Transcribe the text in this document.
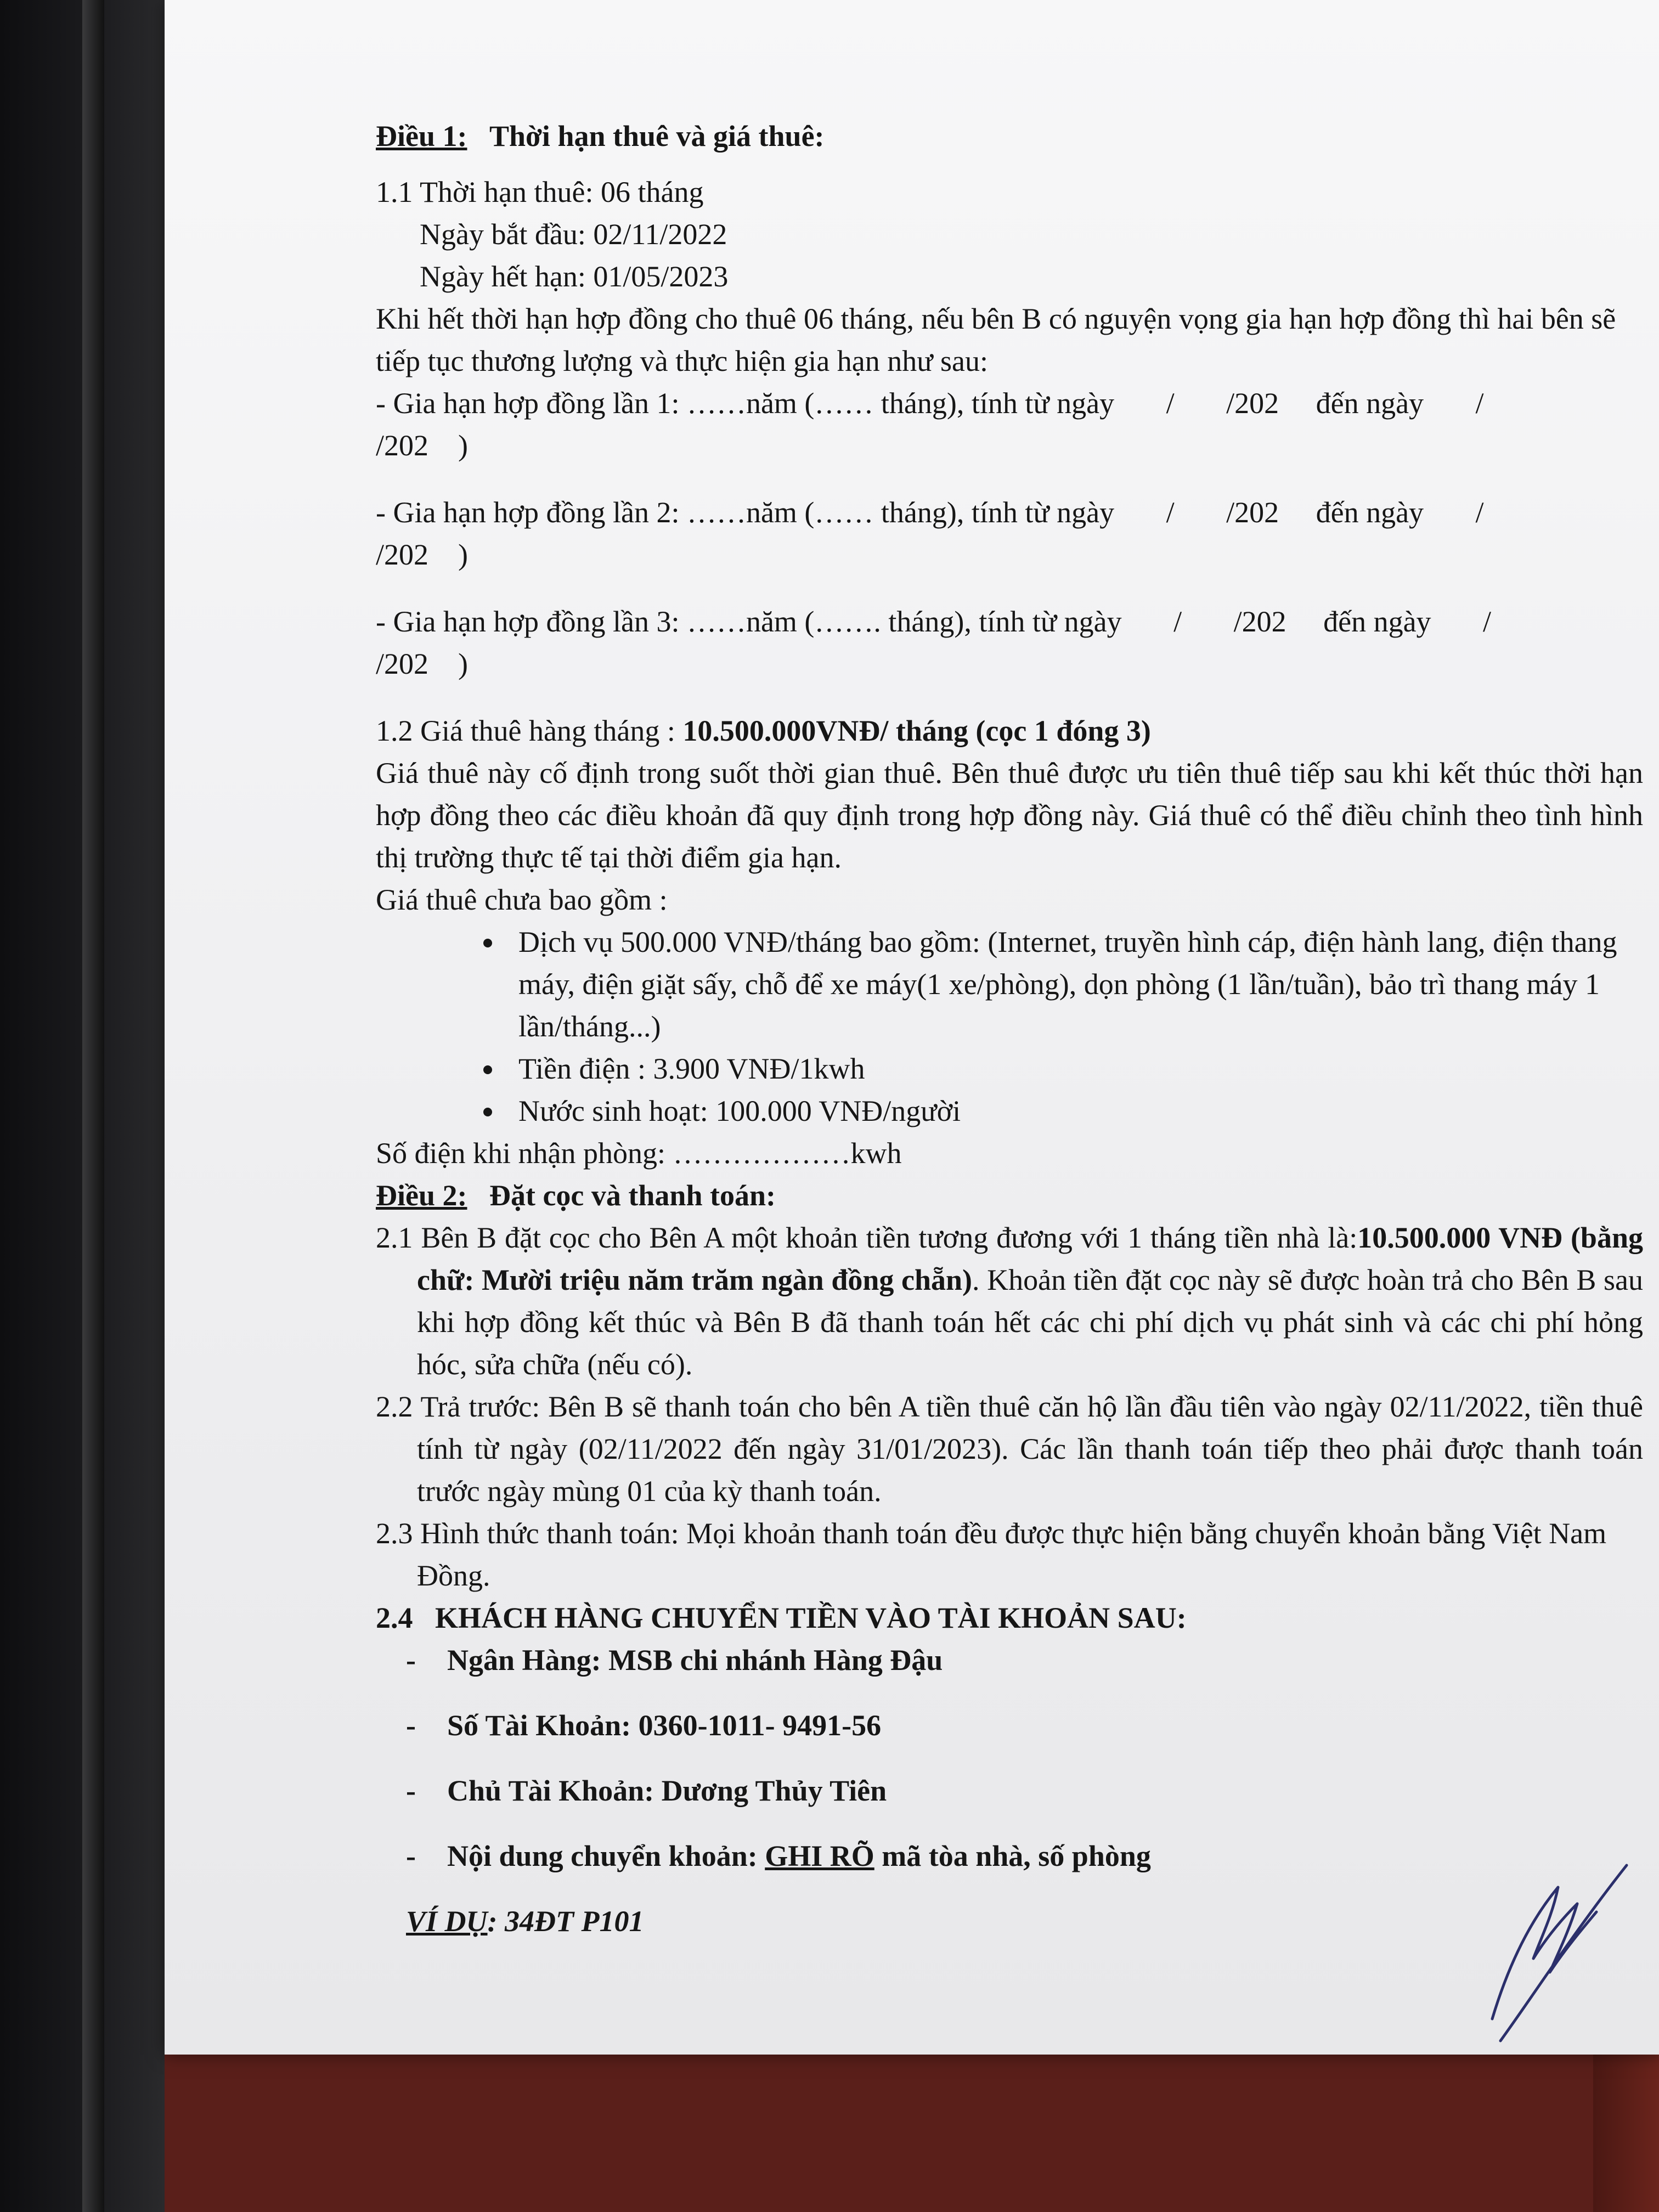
Điều 1: Thời hạn thuê và giá thuê:

1.1 Thời hạn thuê: 06 tháng

Ngày bắt đầu: 02/11/2022

Ngày hết hạn: 01/05/2023

Khi hết thời hạn hợp đồng cho thuê 06 tháng, nếu bên B có nguyện vọng gia hạn hợp đồng thì hai bên sẽ tiếp tục thương lượng và thực hiện gia hạn như sau:

- Gia hạn hợp đồng lần 1: ……năm (…… tháng), tính từ ngày       /       /202     đến ngày       /

/202    )

- Gia hạn hợp đồng lần 2: ……năm (…… tháng), tính từ ngày       /       /202     đến ngày       /

/202    )

- Gia hạn hợp đồng lần 3: ……năm (……. tháng), tính từ ngày       /       /202     đến ngày       /

/202    )

1.2 Giá thuê hàng tháng : 10.500.000VNĐ/ tháng (cọc 1 đóng 3)

Giá thuê này cố định trong suốt thời gian thuê. Bên thuê được ưu tiên thuê tiếp sau khi kết thúc thời hạn hợp đồng theo các điều khoản đã quy định trong hợp đồng này. Giá thuê có thể điều chỉnh theo tình hình thị trường thực tế tại thời điểm gia hạn.

Giá thuê chưa bao gồm :

• Dịch vụ 500.000 VNĐ/tháng bao gồm: (Internet, truyền hình cáp, điện hành lang, điện thang máy, điện giặt sấy, chỗ để xe máy(1 xe/phòng), dọn phòng (1 lần/tuần), bảo trì thang máy 1 lần/tháng...)
• Tiền điện : 3.900 VNĐ/1kwh
• Nước sinh hoạt: 100.000 VNĐ/người

Số điện khi nhận phòng: ………………kwh

Điều 2: Đặt cọc và thanh toán:

2.1 Bên B đặt cọc cho Bên A một khoản tiền tương đương với 1 tháng tiền nhà là:10.500.000 VNĐ (bằng chữ: Mười triệu năm trăm ngàn đồng chẵn). Khoản tiền đặt cọc này sẽ được hoàn trả cho Bên B sau khi hợp đồng kết thúc và Bên B đã thanh toán hết các chi phí dịch vụ phát sinh và các chi phí hỏng hóc, sửa chữa (nếu có).

2.2 Trả trước: Bên B sẽ thanh toán cho bên A tiền thuê căn hộ lần đầu tiên vào ngày 02/11/2022, tiền thuê tính từ ngày (02/11/2022 đến ngày 31/01/2023). Các lần thanh toán tiếp theo phải được thanh toán trước ngày mùng 01 của kỳ thanh toán.

2.3 Hình thức thanh toán: Mọi khoản thanh toán đều được thực hiện bằng chuyển khoản bằng Việt Nam Đồng.

2.4 KHÁCH HÀNG CHUYỂN TIỀN VÀO TÀI KHOẢN SAU:

- Ngân Hàng: MSB chi nhánh Hàng Đậu

- Số Tài Khoản: 0360-1011- 9491-56

- Chủ Tài Khoản: Dương Thủy Tiên

- Nội dung chuyển khoản: GHI RÕ mã tòa nhà, số phòng

VÍ DỤ: 34ĐT P101
